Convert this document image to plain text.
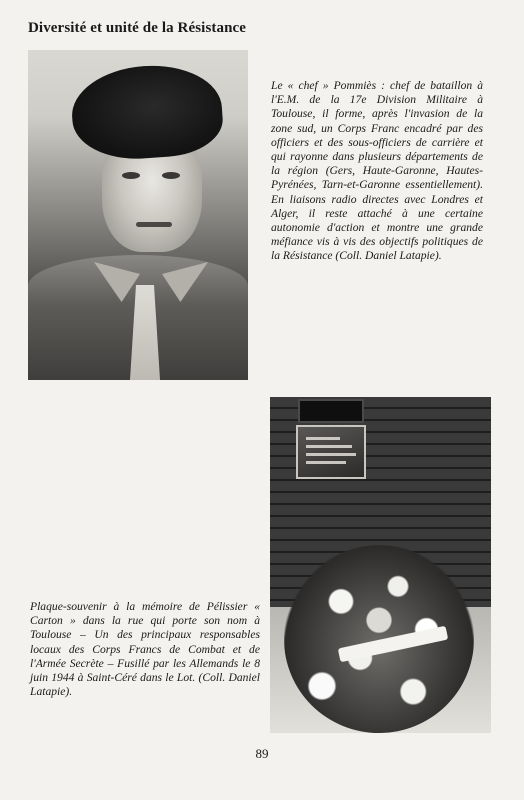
Diversité et unité de la Résistance

Le « chef » Pommiès : chef de bataillon à l'E.M. de la 17e Division Militaire à Toulouse, il forme, après l'invasion de la zone sud, un Corps Franc encadré par des officiers et des sous-officiers de carrière et qui rayonne dans plusieurs départements de la région (Gers, Haute-Garonne, Hautes-Pyrénées, Tarn-et-Garonne essentiellement). En liaisons radio directes avec Londres et Alger, il reste attaché à une certaine autonomie d'action et montre une grande méfiance vis à vis des objectifs politiques de la Résistance (Coll. Daniel Latapie).

Plaque-souvenir à la mémoire de Pélissier « Carton » dans la rue qui porte son nom à Toulouse – Un des principaux responsables locaux des Corps Francs de Combat et de l'Armée Secrète – Fusillé par les Allemands le 8 juin 1944 à Saint-Céré dans le Lot. (Coll. Daniel Latapie).

89
